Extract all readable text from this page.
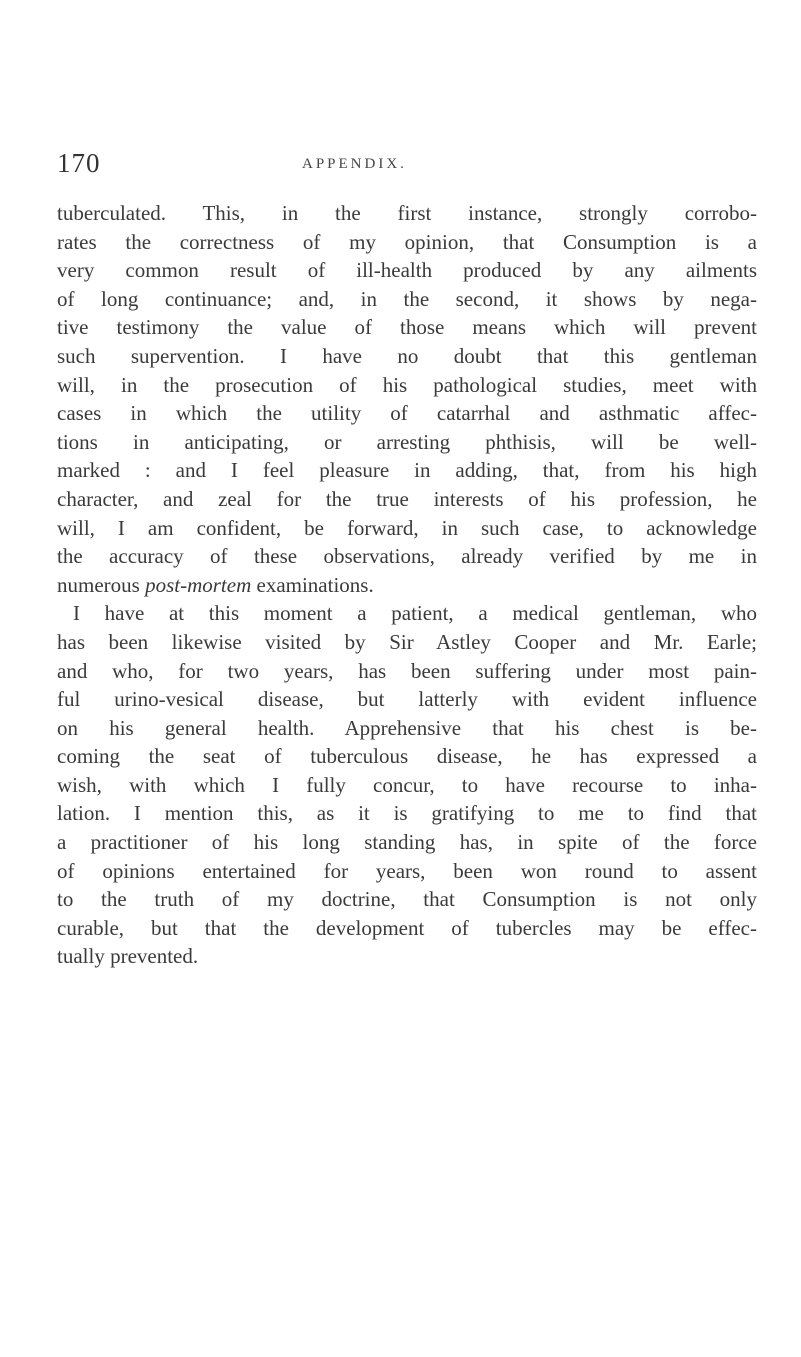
170	APPENDIX.
tuberculated. This, in the first instance, strongly corrobo-
rates the correctness of my opinion, that Consumption is a
very common result of ill-health produced by any ailments
of long continuance; and, in the second, it shows by nega-
tive testimony the value of those means which will prevent
such supervention. I have no doubt that this gentleman
will, in the prosecution of his pathological studies, meet with
cases in which the utility of catarrhal and asthmatic affec-
tions in anticipating, or arresting phthisis, will be well-
marked : and I feel pleasure in adding, that, from his high
character, and zeal for the true interests of his profession, he
will, I am confident, be forward, in such case, to acknowledge
the accuracy of these observations, already verified by me in
numerous post-mortem examinations.
I have at this moment a patient, a medical gentleman, who
has been likewise visited by Sir Astley Cooper and Mr. Earle;
and who, for two years, has been suffering under most pain-
ful urino-vesical disease, but latterly with evident influence
on his general health. Apprehensive that his chest is be-
coming the seat of tuberculous disease, he has expressed a
wish, with which I fully concur, to have recourse to inha-
lation. I mention this, as it is gratifying to me to find that
a practitioner of his long standing has, in spite of the force
of opinions entertained for years, been won round to assent
to the truth of my doctrine, that Consumption is not only
curable, but that the development of tubercles may be effec-
tually prevented.
